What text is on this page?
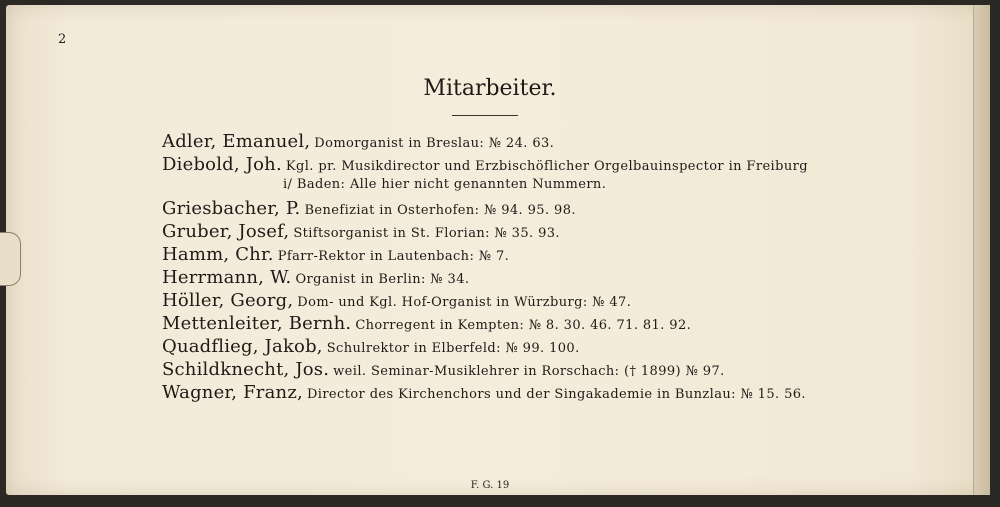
2
Mitarbeiter.
Adler, Emanuel, Domorganist in Breslau: № 24. 63.
Diebold, Joh. Kgl. pr. Musikdirector und Erzbischöflicher Orgelbauinspector in Freiburg
i/ Baden: Alle hier nicht genannten Nummern.
Griesbacher, P. Benefiziat in Osterhofen: № 94. 95. 98.
Gruber, Josef, Stiftsorganist in St. Florian: № 35. 93.
Hamm, Chr. Pfarr-Rektor in Lautenbach: № 7.
Herrmann, W. Organist in Berlin: № 34.
Höller, Georg, Dom- und Kgl. Hof-Organist in Würzburg: № 47.
Mettenleiter, Bernh. Chorregent in Kempten: № 8. 30. 46. 71. 81. 92.
Quadflieg, Jakob, Schulrektor in Elberfeld: № 99. 100.
Schildknecht, Jos. weil. Seminar-Musiklehrer in Rorschach: († 1899) № 97.
Wagner, Franz, Director des Kirchenchors und der Singakademie in Bunzlau: № 15. 56.
F. G. 19
